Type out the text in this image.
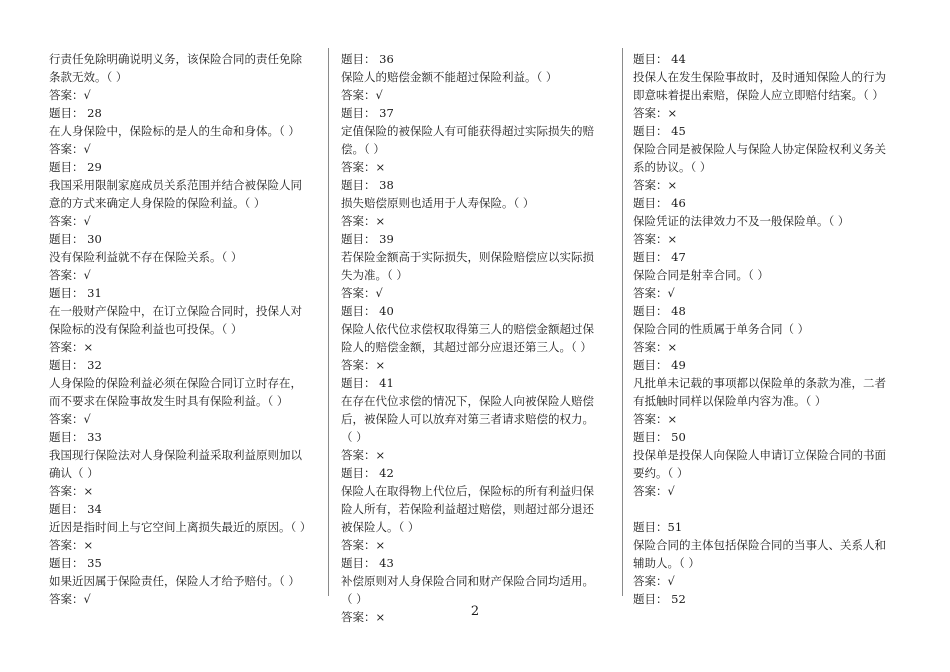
行责任免除明确说明义务，该保险合同的责任免除条款无效。（ ）

答案：√

题目： 28

在人身保险中，保险标的是人的生命和身体。（ ）

答案：√

题目： 29

我国采用限制家庭成员关系范围并结合被保险人同意的方式来确定人身保险的保险利益。（ ）

答案：√

题目： 30

没有保险利益就不存在保险关系。（ ）

答案：√

题目： 31

在一般财产保险中，在订立保险合同时，投保人对保险标的没有保险利益也可投保。（ ）

答案：×

题目： 32

人身保险的保险利益必须在保险合同订立时存在，而不要求在保险事故发生时具有保险利益。（ ）

答案：√

题目： 33

我国现行保险法对人身保险利益采取利益原则加以确认（ ）

答案：×

题目： 34

近因是指时间上与它空间上离损失最近的原因。（ ）

答案：×

题目： 35

如果近因属于保险责任，保险人才给予赔付。（ ）

答案：√

题目： 36

保险人的赔偿金额不能超过保险利益。（ ）

答案：√

题目： 37

定值保险的被保险人有可能获得超过实际损失的赔偿。（ ）

答案：×

题目： 38

损失赔偿原则也适用于人寿保险。（ ）

答案：×

题目： 39

若保险金额高于实际损失，则保险赔偿应以实际损失为准。（ ）

答案：√

题目： 40

保险人依代位求偿权取得第三人的赔偿金额超过保险人的赔偿金额，其超过部分应退还第三人。（ ）

答案：×

题目： 41

在存在代位求偿的情况下，保险人向被保险人赔偿后，被保险人可以放弃对第三者请求赔偿的权力。（ ）

答案：×

题目： 42

保险人在取得物上代位后，保险标的所有利益归保险人所有，若保险利益超过赔偿，则超过部分退还被保险人。（ ）

答案：×

题目： 43

补偿原则对人身保险合同和财产保险合同均适用。（ ）

答案：×

题目： 44

投保人在发生保险事故时，及时通知保险人的行为即意味着提出索赔，保险人应立即赔付结案。（ ）

答案：×

题目： 45

保险合同是被保险人与保险人协定保险权利义务关系的协议。（ ）

答案：×

题目： 46

保险凭证的法律效力不及一般保险单。（ ）

答案：×

题目： 47

保险合同是射幸合同。（ ）

答案：√

题目： 48

保险合同的性质属于单务合同（ ）

答案：×

题目： 49

凡批单未记载的事项都以保险单的条款为准，二者有抵触时同样以保险单内容为准。（ ）

答案：×

题目： 50

投保单是投保人向保险人申请订立保险合同的书面要约。（ ）

答案：√

题目：51

保险合同的主体包括保险合同的当事人、关系人和辅助人。（ ）

答案：√

题目： 52

2
